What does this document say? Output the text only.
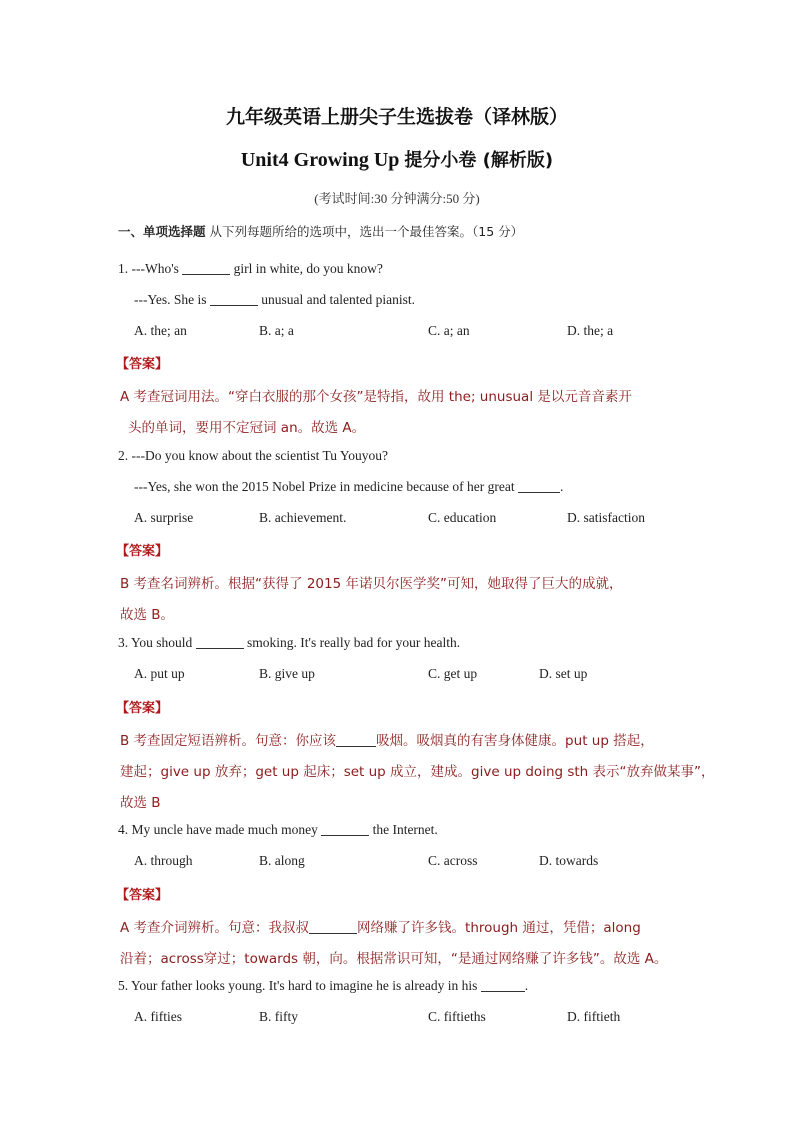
九年级英语上册尖子生选拔卷（译林版）
Unit4 Growing Up 提分小卷 (解析版)
(考试时间:30 分钟满分:50 分)
一、单项选择题 从下列每题所给的选项中，选出一个最佳答案。（15 分）
1. ---Who's	girl in white, do you know?
---Yes. She is	unusual and talented pianist.
A. the; an	B. a; a	C. a; an	D. the; a
【答案】
A 考查冠词用法。“穿白衣服的那个女孩”是特指，故用 the; unusual 是以元音音素开
头的单词，要用不定冠词 an。故选 A。
2. ---Do you know about the scientist Tu Youyou?
---Yes, she won the 2015 Nobel Prize in medicine because of her great	.
A. surprise	B. achievement.	C. education	D. satisfaction
【答案】
B 考查名词辨析。根据“获得了 2015 年诺贝尔医学奖”可知，她取得了巨大的成就，
故选 B。
3. You should	smoking. It's really bad for your health.
A. put up	B. give up	C. get up	D. set up
【答案】
B 考查固定短语辨析。句意：你应该	吸烟。吸烟真的有害身体健康。put up 搭起，
建起；give up 放弃；get up 起床；set up 成立，建成。give up doing sth 表示“放弃做某事”，
故选 B
4. My uncle have made much money	the Internet.
A. through	B. along	C. across	D. towards
【答案】
A 考查介词辨析。句意：我叔叔	网络赚了许多钱。through 通过，凭借；along
沿着；across穿过；towards 朝，向。根据常识可知，“是通过网络赚了许多钱”。故选 A。
5. Your father looks young. It's hard to imagine he is already in his	.
A. fifties	B. fifty	C. fiftieths	D. fiftieth
